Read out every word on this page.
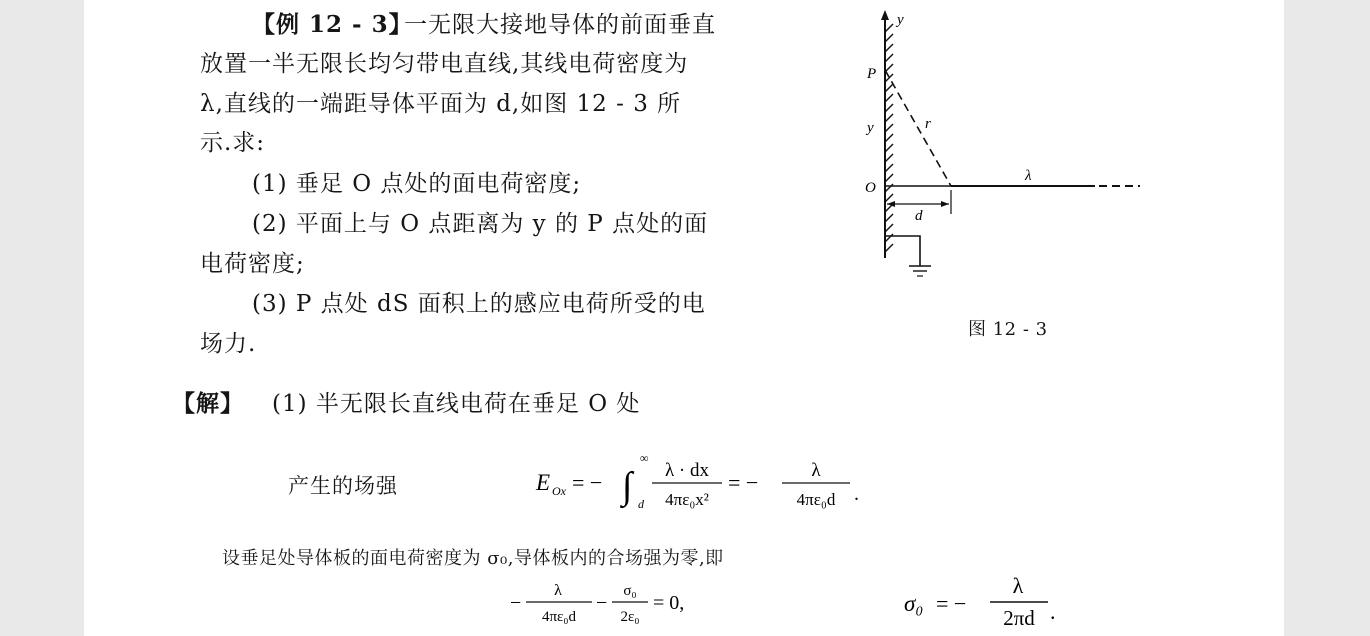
【例 12 - 3】
一无限大接地导体的前面垂直
放置一半无限长均匀带电直线,其线电荷密度为
λ,直线的一端距导体平面为 d,如图 12 - 3 所
示.求:
(1) 垂足 O 点处的面电荷密度;
(2) 平面上与 O 点距离为 y 的 P 点处的面
电荷密度;
(3) P 点处 dS 面积上的感应电荷所受的电
场力.
y
P
y
O
r
d
λ
图 12 - 3
【解】 (1) 半无限长直线电荷在垂足 O 处
产生的场强	E Ox = − ∫
∞
d
λ · dx
4πε₀x²
= −	λ
4πε₀d .
设垂足处导体板的面电荷密度为 σ₀,导体板内的合场强为零,即
−
λ
4πε₀d
−
σ₀
2ε₀
= 0,	σ₀ = −
λ
2πd .
